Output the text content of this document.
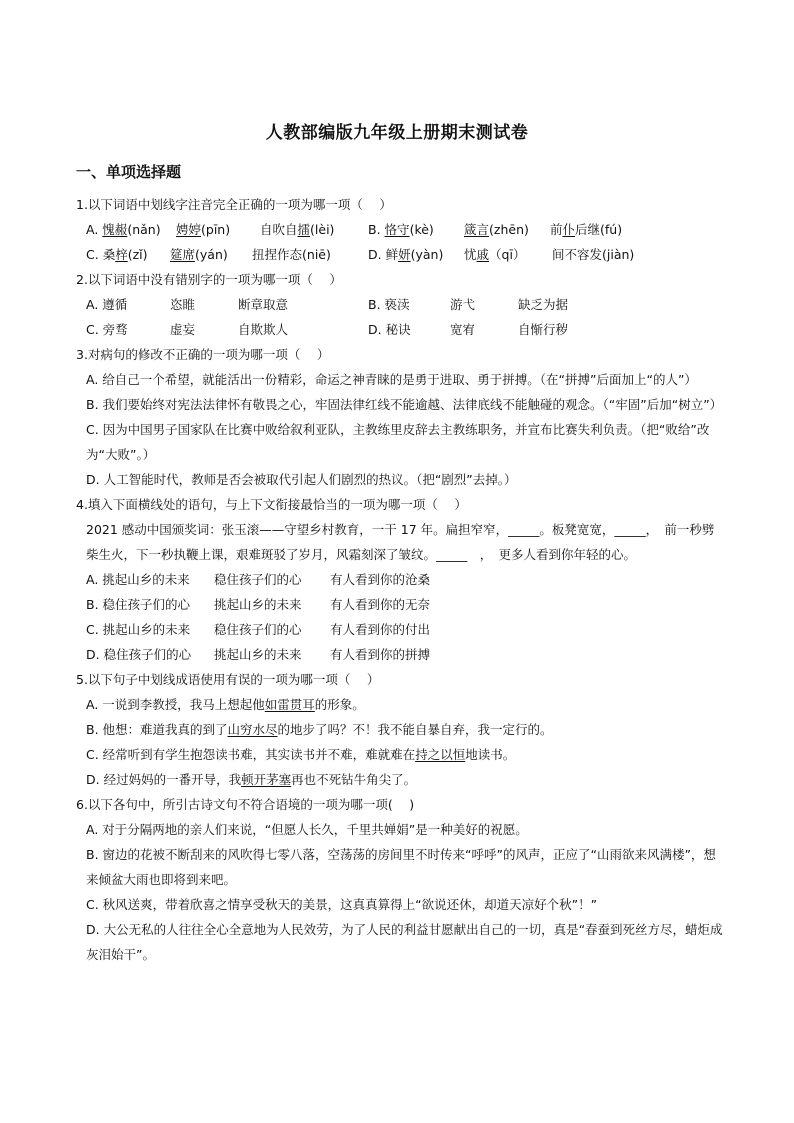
人教部编版九年级上册期末测试卷
一、单项选择题
1.以下词语中划线字注音完全正确的一项为哪一项（　 ）
A. 愧赧(nǎn) 娉婷(pīn) 自吹自擂(lèi)	B. 恪守(kè) 箴言(zhēn) 前仆后继(fú)
C. 桑梓(zǐ) 筵席(yán) 扭捏作态(niē)	D. 鲜妍(yàn) 忧戚（qī） 间不容发(jiàn)
2.以下词语中没有错别字的一项为哪一项（　 ）
A. 遵循	恣睢	断章取意	B. 亵渎	游弋	缺乏为据
C. 旁骛	虚妄	自欺欺人	D. 秘诀	宽宥	自惭行秽
3.对病句的修改不正确的一项为哪一项（　 ）
A. 给自己一个希望，就能活出一份精彩，命运之神青睐的是勇于进取、勇于拼搏。（在“拼搏”后面加上“的人”）
B. 我们要始终对宪法法律怀有敬畏之心，牢固法律红线不能逾越、法律底线不能触碰的观念。（“牢固”后加“树立”）
C. 因为中国男子国家队在比赛中败给叙利亚队，主教练里皮辞去主教练职务，并宣布比赛失利负责。（把“败给”改为“大败”。）
D. 人工智能时代，教师是否会被取代引起人们剧烈的热议。（把“剧烈”去掉。）
4.填入下面横线处的语句，与上下文衔接最恰当的一项为哪一项（　 ）
2021 感动中国颁奖词：张玉滚——守望乡村教育，一干 17 年。扁担窄窄，_____。板凳宽宽，_____，　前一秒劈柴生火，下一秒执鞭上课，艰难斑驳了岁月，风霜刻深了皱纹。_____　，　更多人看到你年轻的心。
A. 挑起山乡的未来 稳住孩子们的心 有人看到你的沧桑
B. 稳住孩子们的心 挑起山乡的未来 有人看到你的无奈
C. 挑起山乡的未来 稳住孩子们的心 有人看到你的付出
D. 稳住孩子们的心 挑起山乡的未来 有人看到你的拼搏
5.以下句子中划线成语使用有误的一项为哪一项（　 ）
A. 一说到李教授，我马上想起他如雷贯耳的形象。
B. 他想：难道我真的到了山穷水尽的地步了吗？不！我不能自暴自弃，我一定行的。
C. 经常听到有学生抱怨读书难，其实读书并不难，难就难在持之以恒地读书。
D. 经过妈妈的一番开导，我顿开茅塞再也不死钻牛角尖了。
6.以下各句中，所引古诗文句不符合语境的一项为哪一项(　 )
A. 对于分隔两地的亲人们来说，“但愿人长久，千里共婵娟”是一种美好的祝愿。
B. 窗边的花被不断刮来的风吹得七零八落，空荡荡的房间里不时传来“呼呼”的风声，正应了“山雨欲来风满楼”，想来倾盆大雨也即将到来吧。
C. 秋风送爽，带着欣喜之情享受秋天的美景，这真真算得上“欲说还休，却道天凉好个秋”！”
D. 大公无私的人往往全心全意地为人民效劳，为了人民的利益甘愿献出自己的一切，真是“春蚕到死丝方尽，蜡炬成灰泪始干”。
